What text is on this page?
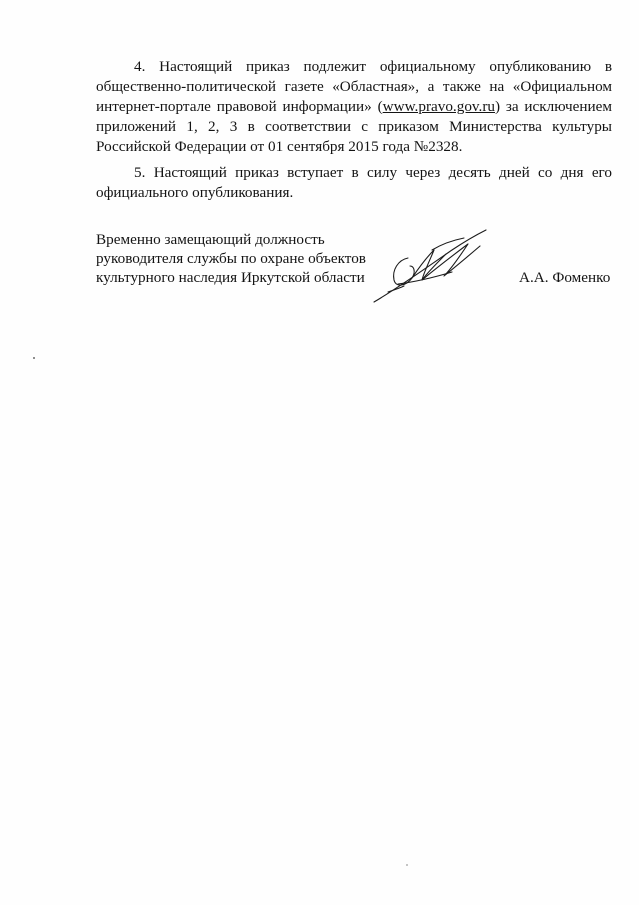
4. Настоящий приказ подлежит официальному опубликованию в общественно-политической газете «Областная», а также на «Официальном интернет-портале правовой информации» (www.pravo.gov.ru) за исключением приложений 1, 2, 3 в соответствии с приказом Министерства культуры Российской Федерации от 01 сентября 2015 года №2328.

5. Настоящий приказ вступает в силу через десять дней со дня его официального опубликования.

Временно замещающий должность
руководителя службы по охране объектов
культурного наследия Иркутской области	А.А. Фоменко
